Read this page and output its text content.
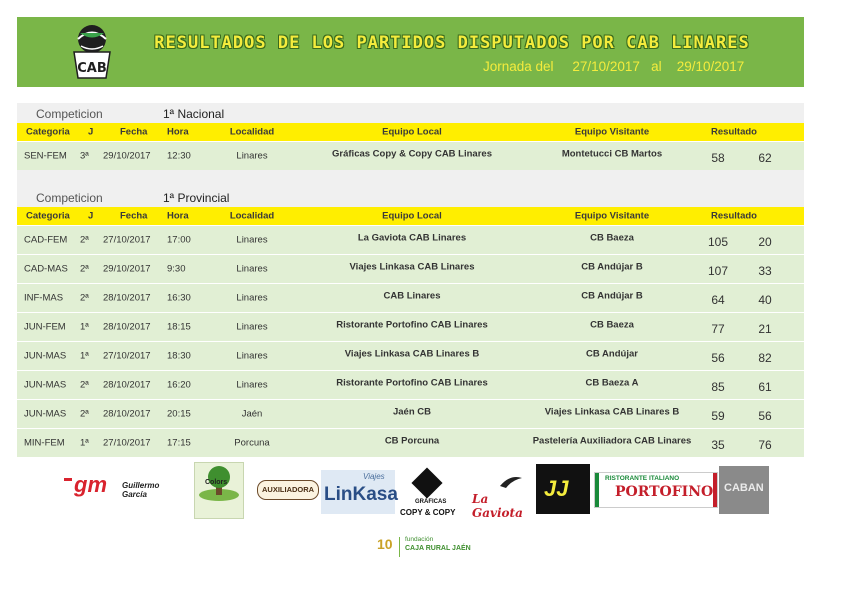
CAB
RESULTADOS DE LOS PARTIDOS DISPUTADOS POR CAB LINARES
Jornada del 27/10/2017 al 29/10/2017
Competicion	1ª Nacional
Categoria J	Fecha Hora	Localidad	Equipo Local	Equipo Visitante	Resultado
SEN-FEM 3ª 29/10/2017 12:30	Linares	Gráficas Copy & Copy CAB Linares	Montetucci CB Martos	58	62
Competicion	1ª Provincial
Categoria J	Fecha Hora	Localidad	Equipo Local	Equipo Visitante	Resultado
CAD-FEM 2ª 27/10/2017 17:00	Linares	La Gaviota CAB Linares	CB Baeza	105	20
CAD-MAS 2ª 29/10/2017 9:30	Linares	Viajes Linkasa CAB Linares	CB Andújar B	107	33
INF-MAS 2ª 28/10/2017 16:30	Linares	CAB Linares	CB Andújar B	64	40
JUN-FEM 1ª 28/10/2017 18:15	Linares	Ristorante Portofino CAB Linares	CB Baeza	77	21
JUN-MAS 1ª 27/10/2017 18:30	Linares	Viajes Linkasa CAB Linares B	CB Andújar	56	82
JUN-MAS 2ª 28/10/2017 16:20	Linares	Ristorante Portofino CAB Linares	CB Baeza A	85	61
JUN-MAS 2ª 28/10/2017 20:15	Jaén	Jaén CB	Viajes Linkasa CAB Linares B	59	56
MIN-FEM 1ª 27/10/2017 17:15	Porcuna	CB Porcuna	Pastelería Auxiliadora CAB Linares	35	76
gm Guillermo García
Colors
AUXILIADORA
Viajes
LinKasa	GRÁFICAS
COPY & COPY
La Gaviota
JJ	RISTORANTE ITALIANO
PORTOFINO CABAN
10 fundación
CAJA RURAL JAÉN
